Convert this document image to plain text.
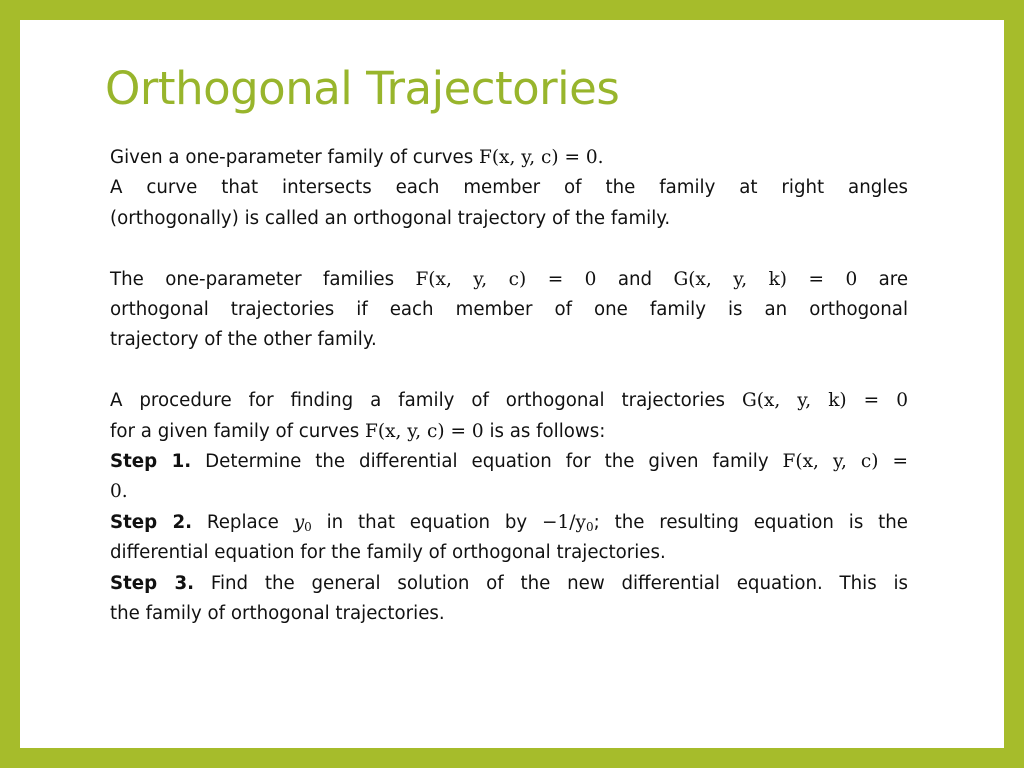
Orthogonal Trajectories
Given a one-parameter family of curves F(x, y, c) = 0.
A curve that intersects each member of the family at right angles
(orthogonally) is called an orthogonal trajectory of the family.
The one-parameter families F(x, y, c) = 0 and G(x, y, k) = 0 are
orthogonal trajectories if each member of one family is an orthogonal
trajectory of the other family.
A procedure for finding a family of orthogonal trajectories G(x, y, k) = 0
for a given family of curves F(x, y, c) = 0 is as follows:
Step 1. Determine the differential equation for the given family F(x, y, c) =
0.
Step 2. Replace $y_0$ in that equation by $-1/y_0$; the resulting equation is the
differential equation for the family of orthogonal trajectories.
Step 3. Find the general solution of the new differential equation. This is
the family of orthogonal trajectories.
